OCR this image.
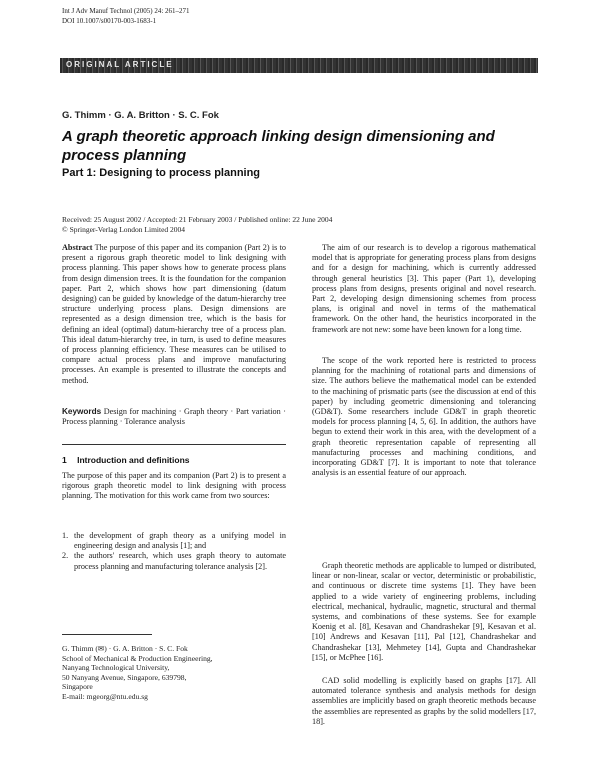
Int J Adv Manuf Technol (2005) 24: 261–271
DOI 10.1007/s00170-003-1683-1
ORIGINAL ARTICLE
G. Thimm · G. A. Britton · S. C. Fok
A graph theoretic approach linking design dimensioning and process planning
Part 1: Designing to process planning
Received: 25 August 2002 / Accepted: 21 February 2003 / Published online: 22 June 2004
© Springer-Verlag London Limited 2004
Abstract The purpose of this paper and its companion (Part 2) is to present a rigorous graph theoretic model to link designing with process planning. This paper shows how to generate process plans from design dimension trees. It is the foundation for the companion paper. Part 2, which shows how part dimensioning (datum designing) can be guided by knowledge of the datum-hierarchy tree structure underlying process plans. Design dimensions are represented as a design dimension tree, which is the basis for defining an ideal (optimal) datum-hierarchy tree of a process plan. This ideal datum-hierarchy tree, in turn, is used to define measures of process planning efficiency. These measures can be utilised to compare actual process plans and improve manufacturing processes. An example is presented to illustrate the concepts and method.
Keywords Design for machining · Graph theory · Part variation · Process planning · Tolerance analysis
1 Introduction and definitions
The purpose of this paper and its companion (Part 2) is to present a rigorous graph theoretic model to link designing with process planning. The motivation for this work came from two sources:
1. the development of graph theory as a unifying model in engineering design and analysis [1]; and
2. the authors' research, which uses graph theory to automate process planning and manufacturing tolerance analysis [2].
G. Thimm (✉) · G. A. Britton · S. C. Fok
School of Mechanical & Production Engineering,
Nanyang Technological University,
50 Nanyang Avenue, Singapore, 639798,
Singapore
E-mail: mgeorg@ntu.edu.sg
The aim of our research is to develop a rigorous mathematical model that is appropriate for generating process plans from designs and for a design for machining, which is currently addressed through general heuristics [3]. This paper (Part 1), developing process plans from designs, presents original and novel research. Part 2, developing design dimensioning schemes from process plans, is original and novel in terms of the mathematical framework. On the other hand, the heuristics incorporated in the framework are not new: some have been known for a long time.
The scope of the work reported here is restricted to process planning for the machining of rotational parts and dimensions of size. The authors believe the mathematical model can be extended to the machining of prismatic parts (see the discussion at end of this paper) by including geometric dimensioning and tolerancing (GD&T). Some researchers include GD&T in graph theoretic models for process planning [4, 5, 6]. In addition, the authors have begun to extend their work in this area, with the development of a graph theoretic representation capable of representing all manufacturing processes and machining conditions, and incorporating GD&T [7]. It is important to note that tolerance analysis is an essential feature of our approach.
Graph theoretic methods are applicable to lumped or distributed, linear or non-linear, scalar or vector, deterministic or probabilistic, and continuous or discrete time systems [1]. They have been applied to a wide variety of engineering problems, including electrical, mechanical, hydraulic, magnetic, structural and thermal systems, and combinations of these systems. See for example Koenig et al. [8], Kesavan and Chandrashekar [9], Kesavan et al. [10] Andrews and Kesavan [11], Pal [12], Chandrashekar and Chandrashekar [13], Mehmetey [14], Gupta and Chandrashekar [15], or McPhee [16].
CAD solid modelling is explicitly based on graphs [17]. All automated tolerance synthesis and analysis methods for design assemblies are implicitly based on graph theoretic methods because the assemblies are represented as graphs by the solid modellers [17, 18].
